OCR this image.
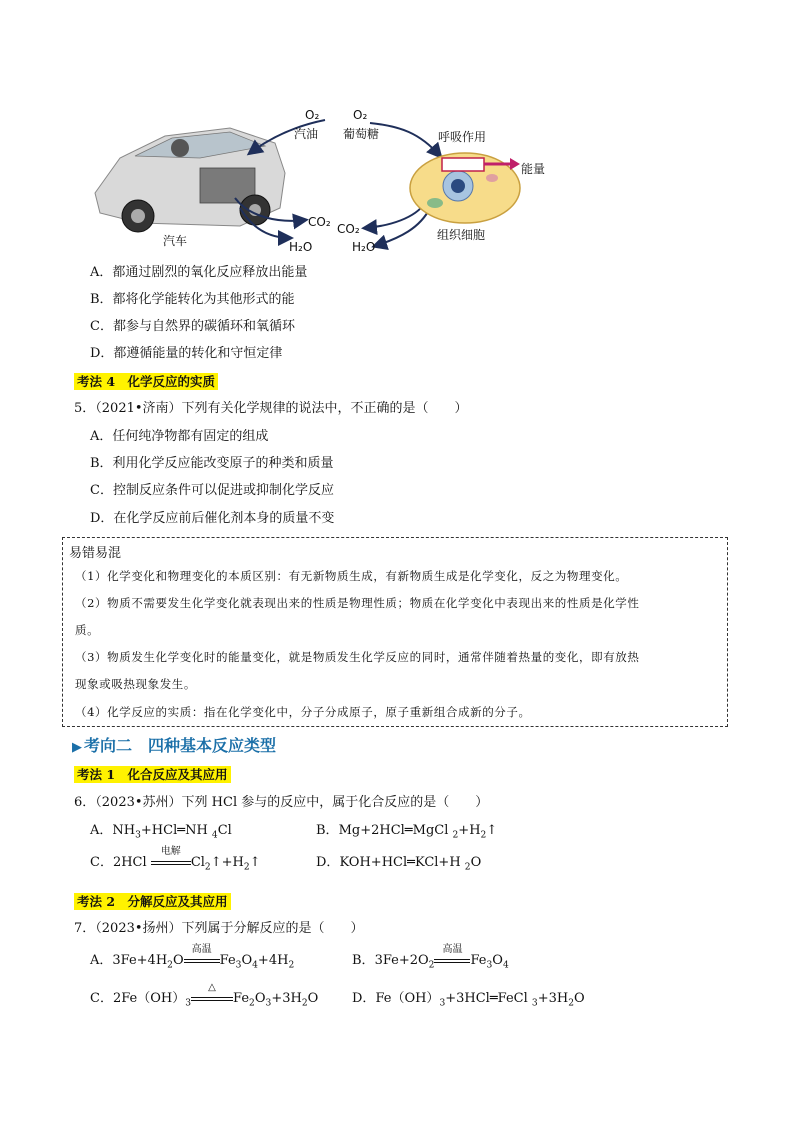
O₂
汽油
O₂
葡萄糖	呼吸作用
能量
CO₂ CO₂
H₂O	H₂O
汽车	组织细胞
A．都通过剧烈的氧化反应释放出能量
B．都将化学能转化为其他形式的能
C．都参与自然界的碳循环和氧循环
D．都遵循能量的转化和守恒定律
考法 4　化学反应的实质
5．（2021•济南）下列有关化学规律的说法中，不正确的是（　　）
A．任何纯净物都有固定的组成
B．利用化学反应能改变原子的种类和质量
C．控制反应条件可以促进或抑制化学反应
D．在化学反应前后催化剂本身的质量不变
易错易混
（1）化学变化和物理变化的本质区别：有无新物质生成，有新物质生成是化学变化，反之为物理变化。
（2）物质不需要发生化学变化就表现出来的性质是物理性质；物质在化学变化中表现出来的性质是化学性
质。
（3）物质发生化学变化时的能量变化，就是物质发生化学反应的同时，通常伴随着热量的变化，即有放热
现象或吸热现象发生。
（4）化学反应的实质：指在化学变化中，分子分成原子，原子重新组合成新的分子。
▶ 考向二　四种基本反应类型
考法 1　化合反应及其应用
6．（2023•苏州）下列 HCl 参与的反应中，属于化合反应的是（　　）
A．$NH_3+HCl═NH$ $_4$Cl	B．Mg+2HCl═MgCl $_2+H_2↑$
C．2HCl
电解
$Cl_2↑+H_2↑$	D．KOH+HCl═KCl+H $_2$O
考法 2　分解反应及其应用
7．（2023•扬州）下列属于分解反应的是（　　）
A．$3Fe+4H_2O$
高温
$Fe_3O_4+4H_2$	B．$3Fe+2O_2$
高温
$Fe_3O_4$
C．$2Fe(OH)_3$
△
$Fe_2O_3+3H_2O$	D．$Fe(OH)_3+3HCl═FeCl$ $_3+3H_2O$
